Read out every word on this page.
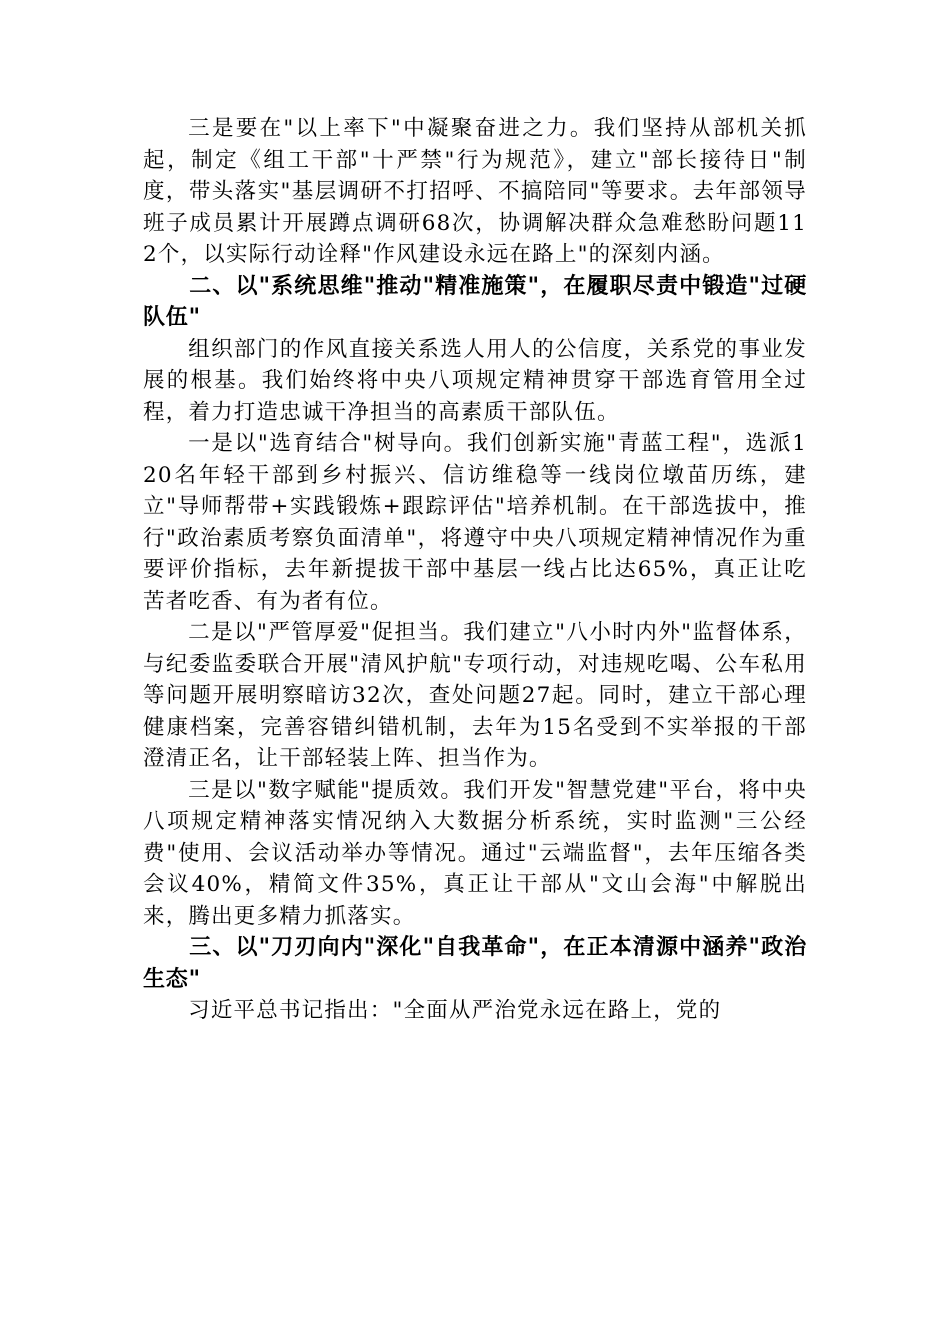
三是要在"以上率下"中凝聚奋进之力。我们坚持从部机关抓起，制定《组工干部"十严禁"行为规范》，建立"部长接待日"制度，带头落实"基层调研不打招呼、不搞陪同"等要求。去年部领导班子成员累计开展蹲点调研68次，协调解决群众急难愁盼问题112个，以实际行动诠释"作风建设永远在路上"的深刻内涵。

二、以"系统思维"推动"精准施策"，在履职尽责中锻造"过硬队伍"

组织部门的作风直接关系选人用人的公信度，关系党的事业发展的根基。我们始终将中央八项规定精神贯穿干部选育管用全过程，着力打造忠诚干净担当的高素质干部队伍。

一是以"选育结合"树导向。我们创新实施"青蓝工程"，选派120名年轻干部到乡村振兴、信访维稳等一线岗位墩苗历练，建立"导师帮带+实践锻炼+跟踪评估"培养机制。在干部选拔中，推行"政治素质考察负面清单"，将遵守中央八项规定精神情况作为重要评价指标，去年新提拔干部中基层一线占比达65%，真正让吃苦者吃香、有为者有位。

二是以"严管厚爱"促担当。我们建立"八小时内外"监督体系，与纪委监委联合开展"清风护航"专项行动，对违规吃喝、公车私用等问题开展明察暗访32次，查处问题27起。同时，建立干部心理健康档案，完善容错纠错机制，去年为15名受到不实举报的干部澄清正名，让干部轻装上阵、担当作为。

三是以"数字赋能"提质效。我们开发"智慧党建"平台，将中央八项规定精神落实情况纳入大数据分析系统，实时监测"三公经费"使用、会议活动举办等情况。通过"云端监督"，去年压缩各类会议40%，精简文件35%，真正让干部从"文山会海"中解脱出来，腾出更多精力抓落实。

三、以"刀刃向内"深化"自我革命"，在正本清源中涵养"政治生态"

习近平总书记指出："全面从严治党永远在路上，党的
